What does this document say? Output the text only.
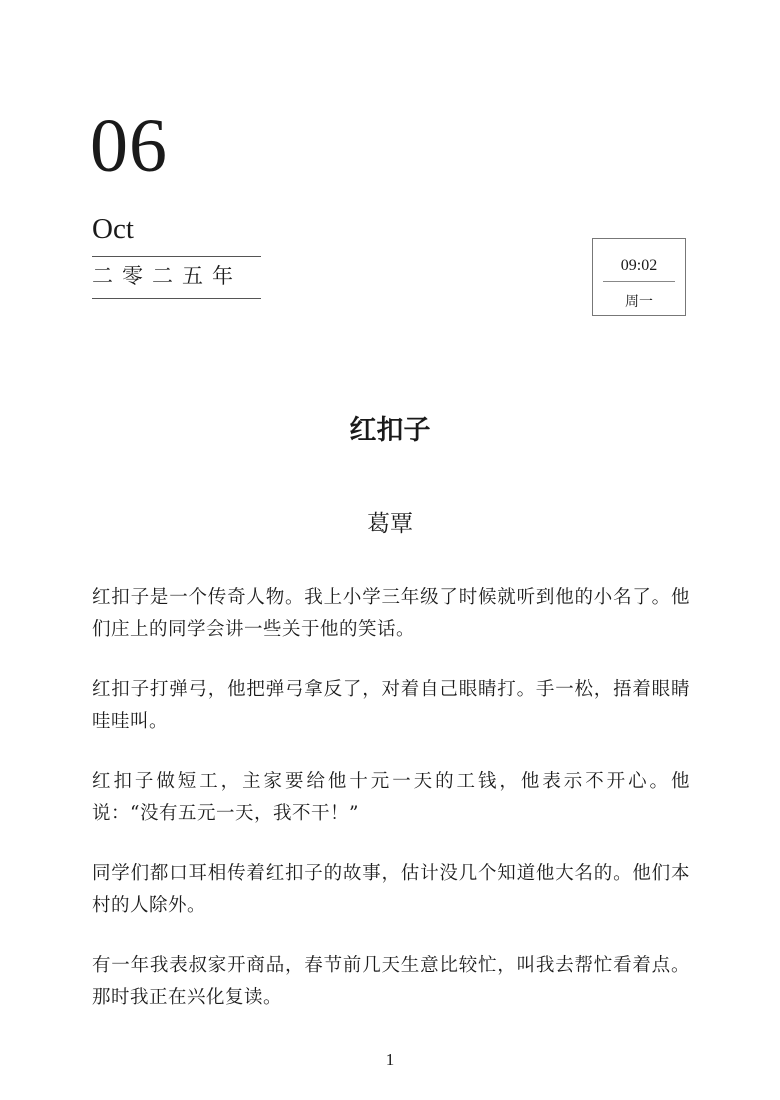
06
Oct
二零二五年	09:02
周一
红扣子
葛覃

红扣子是一个传奇人物。我上小学三年级了时候就听到他的小名了。他们庄上的同学会讲一些关于他的笑话。

红扣子打弹弓，他把弹弓拿反了，对着自己眼睛打。手一松，捂着眼睛哇哇叫。

红扣子做短工，主家要给他十元一天的工钱，他表示不开心。他说：“没有五元一天，我不干！”

同学们都口耳相传着红扣子的故事，估计没几个知道他大名的。他们本村的人除外。

有一年我表叔家开商品，春节前几天生意比较忙，叫我去帮忙看着点。那时我正在兴化复读。

1
